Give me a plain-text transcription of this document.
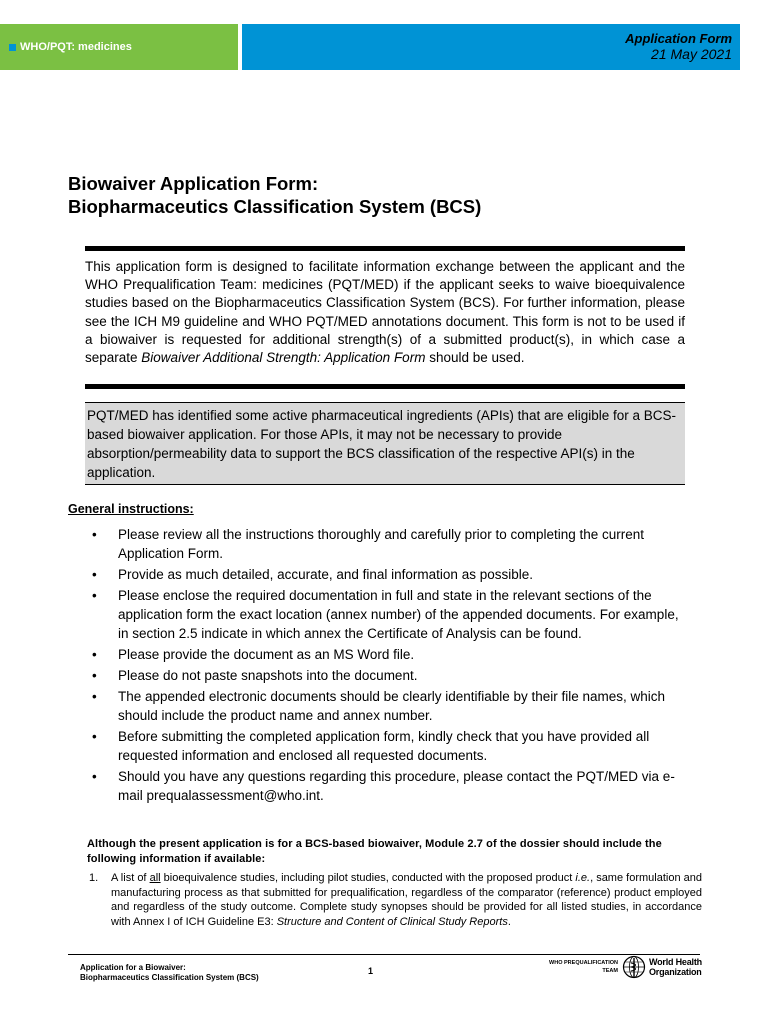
WHO/PQT: medicines
Application Form
21 May 2021
Biowaiver Application Form:
Biopharmaceutics Classification System (BCS)

This application form is designed to facilitate information exchange between the applicant and the WHO Prequalification Team: medicines (PQT/MED) if the applicant seeks to waive bioequivalence studies based on the Biopharmaceutics Classification System (BCS). For further information, please see the ICH M9 guideline and WHO PQT/MED annotations document. This form is not to be used if a biowaiver is requested for additional strength(s) of a submitted product(s), in which case a separate Biowaiver Additional Strength: Application Form should be used.

PQT/MED has identified some active pharmaceutical ingredients (APIs) that are eligible for a BCS-based biowaiver application. For those APIs, it may not be necessary to provide absorption/permeability data to support the BCS classification of the respective API(s) in the application.
General instructions:
• Please review all the instructions thoroughly and carefully prior to completing the current Application Form.
• Provide as much detailed, accurate, and final information as possible.
• Please enclose the required documentation in full and state in the relevant sections of the application form the exact location (annex number) of the appended documents. For example, in section 2.5 indicate in which annex the Certificate of Analysis can be found.
• Please provide the document as an MS Word file.
• Please do not paste snapshots into the document.
• The appended electronic documents should be clearly identifiable by their file names, which should include the product name and annex number.
• Before submitting the completed application form, kindly check that you have provided all requested information and enclosed all requested documents.
• Should you have any questions regarding this procedure, please contact the PQT/MED via e-mail prequalassessment@who.int.
Although the present application is for a BCS-based biowaiver, Module 2.7 of the dossier should include the following information if available:
1. A list of all bioequivalence studies, including pilot studies, conducted with the proposed product i.e., same formulation and manufacturing process as that submitted for prequalification, regardless of the comparator (reference) product employed and regardless of the study outcome. Complete study synopses should be provided for all listed studies, in accordance with Annex I of ICH Guideline E3: Structure and Content of Clinical Study Reports.
Application for a Biowaiver:
Biopharmaceutics Classification System (BCS)
1
WHO PREQUALIFICATION
TEAM
World Health
Organization
